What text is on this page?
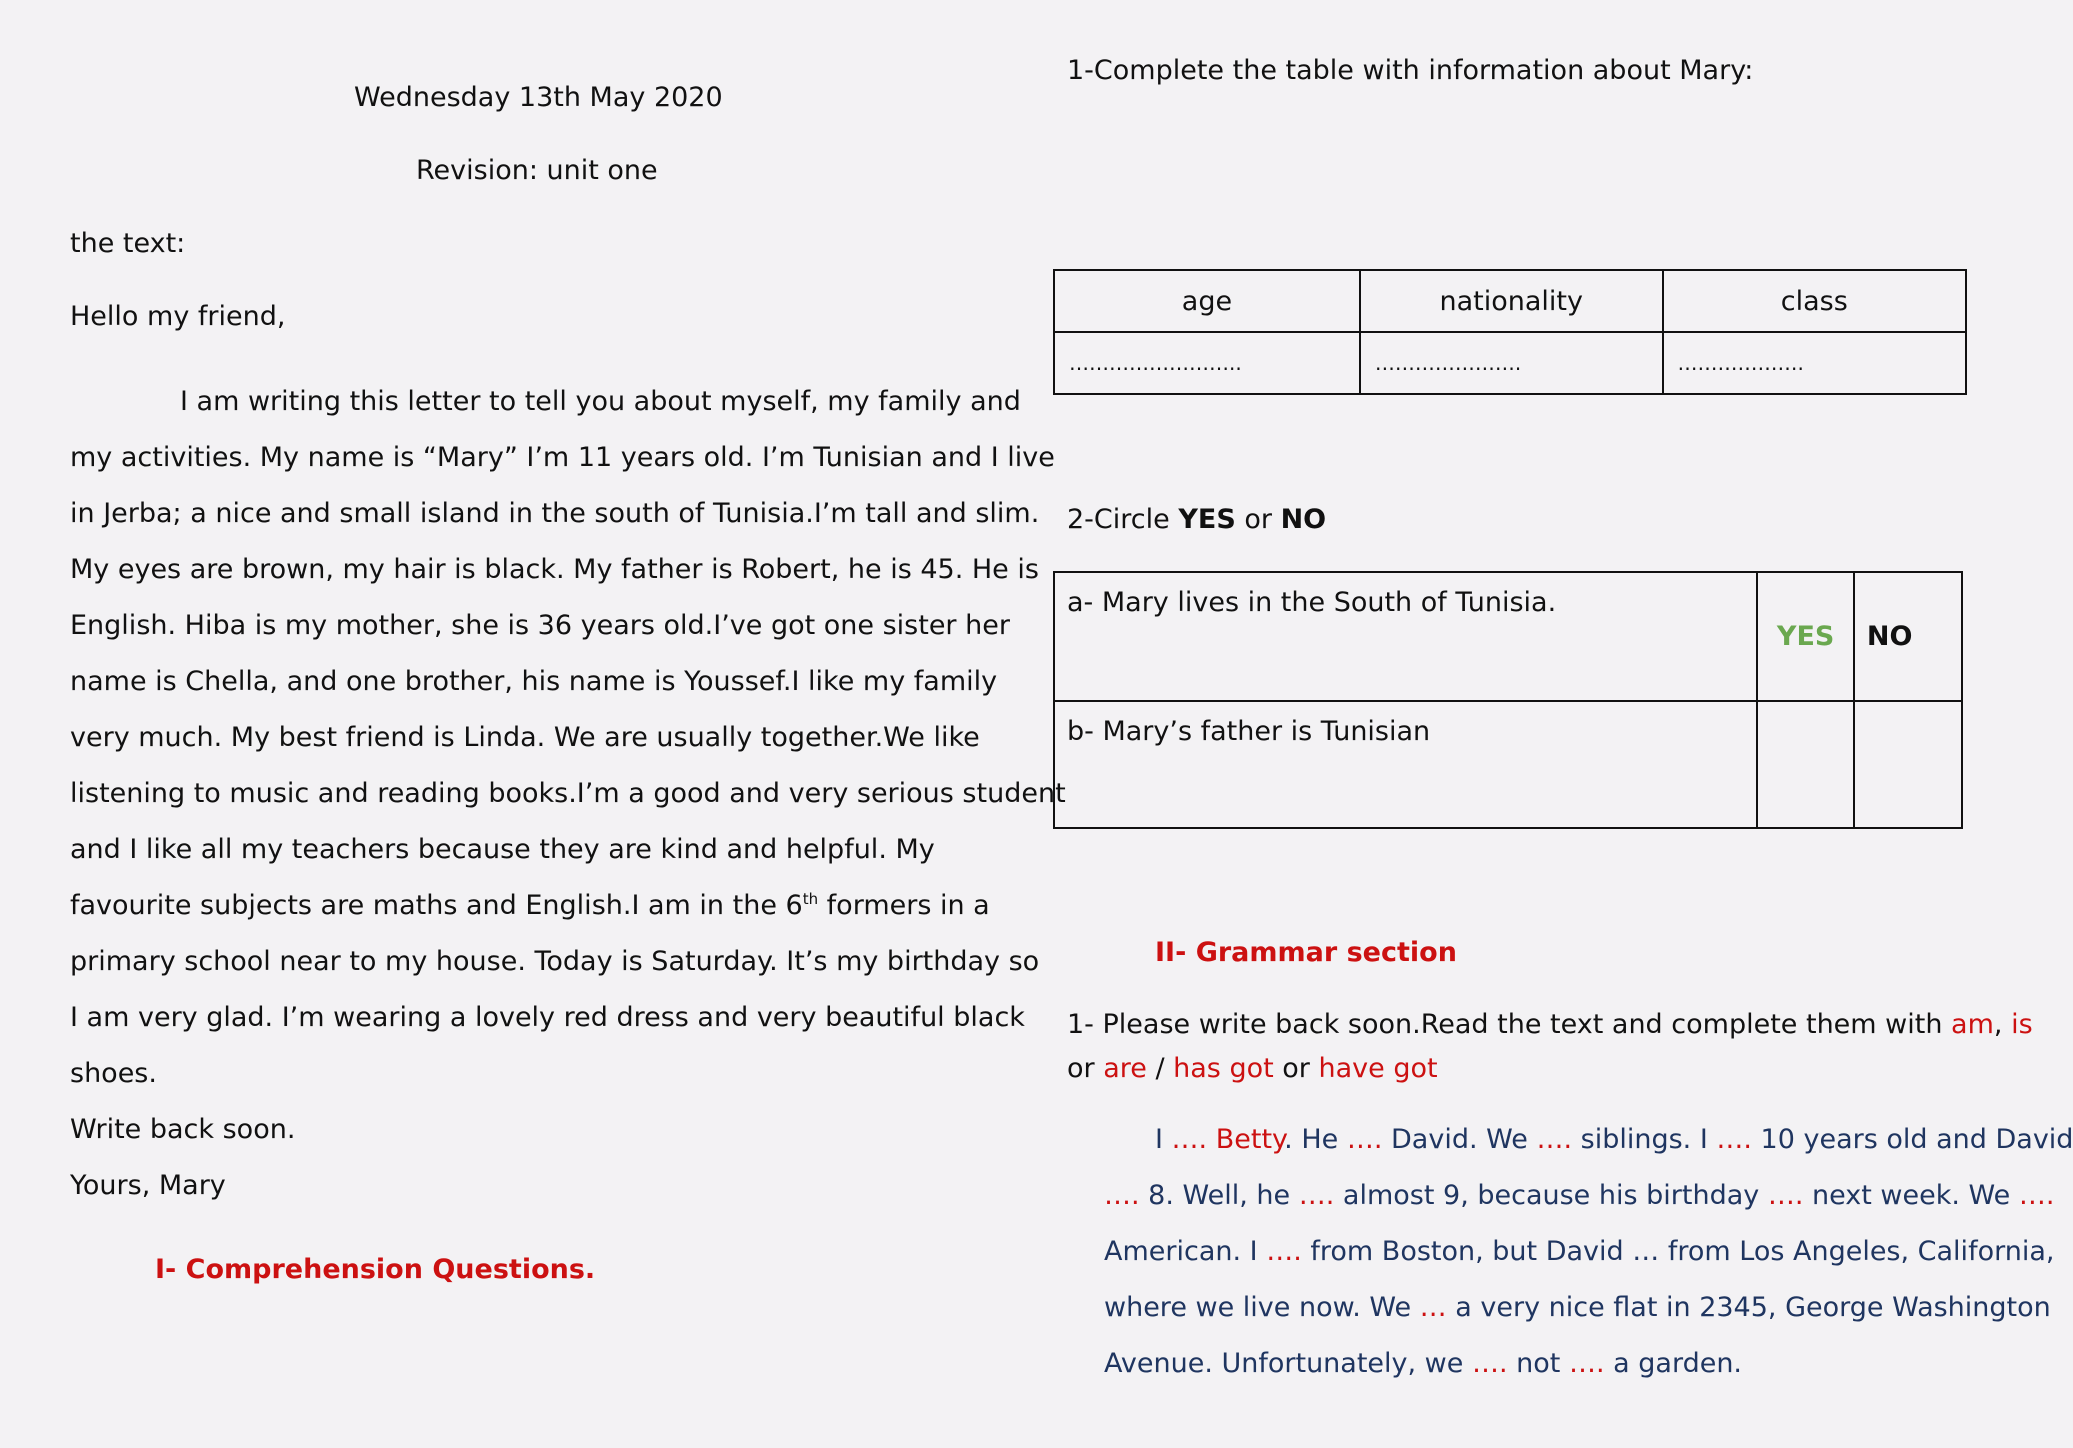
Wednesday 13th May 2020
Revision: unit one
the text:
Hello my friend,
I am writing this letter to tell you about myself, my family and
my activities. My name is “Mary” I’m 11 years old. I’m Tunisian and I live
in Jerba; a nice and small island in the south of Tunisia.I’m tall and slim.
My eyes are brown, my hair is black. My father is Robert, he is 45. He is
English. Hiba is my mother, she is 36 years old.I’ve got one sister her
name is Chella, and one brother, his name is Youssef.I like my family
very much. My best friend is Linda. We are usually together.We like
listening to music and reading books.I’m a good and very serious student
and I like all my teachers because they are kind and helpful. My
favourite subjects are maths and English.I am in the 6th formers in a
primary school near to my house. Today is Saturday. It’s my birthday so
I am very glad. I’m wearing a lovely red dress and very beautiful black
shoes.
Write back soon.
Yours, Mary
I- Comprehension Questions.
1-Complete the table with information about Mary:
age	nationality	class
……………………..	………………….	……………….
2-Circle YES or NO
a- Mary lives in the South of Tunisia.	YES	NO
b- Mary’s father is Tunisian		
II- Grammar section
1- Please write back soon.Read the text and complete them with am, is
or are / has got or have got
I …. Betty. He …. David. We …. siblings. I …. 10 years old and David
…. 8. Well, he …. almost 9, because his birthday …. next week. We ….
American. I …. from Boston, but David … from Los Angeles, California,
where we live now. We … a very nice flat in 2345, George Washington
Avenue. Unfortunately, we …. not …. a garden.
